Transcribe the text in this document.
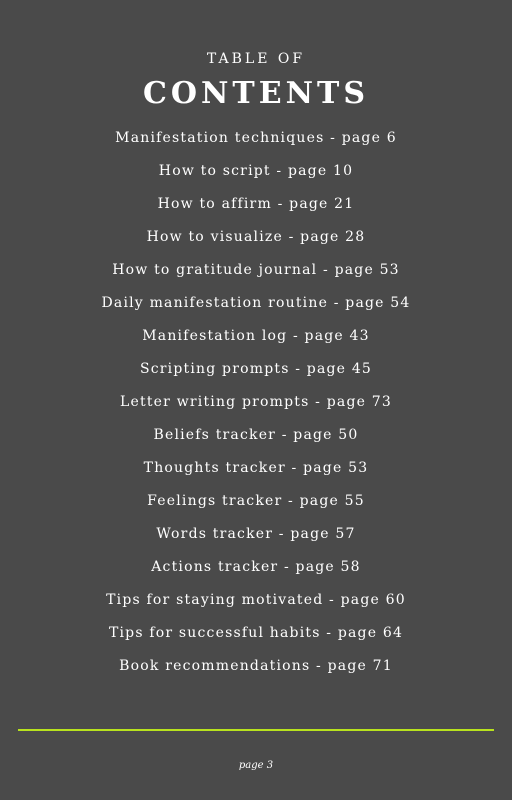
TABLE OF
CONTENTS
Manifestation techniques - page 6
How to script - page 10
How to affirm - page 21
How to visualize - page 28
How to gratitude journal - page 53
Daily manifestation routine - page 54
Manifestation log - page 43
Scripting prompts - page 45
Letter writing prompts - page 73
Beliefs tracker - page 50
Thoughts tracker - page 53
Feelings tracker - page 55
Words tracker - page 57
Actions tracker - page 58
Tips for staying motivated - page 60
Tips for successful habits - page 64
Book recommendations - page 71
page 3
